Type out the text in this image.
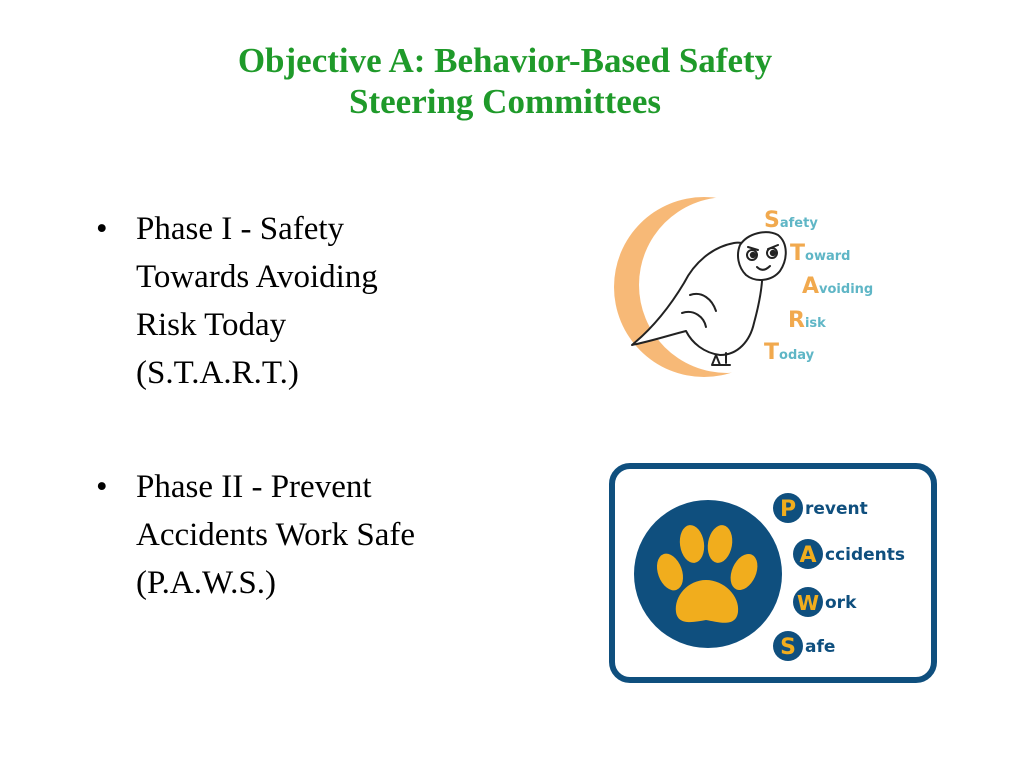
Objective A: Behavior-Based Safety
Steering Committees
• Phase I - Safety
Towards Avoiding
Risk Today
(S.T.A.R.T.)
• Phase II - Prevent
Accidents Work Safe
(P.A.W.S.)
Safety
Toward
Avoiding
Risk
Today
P revent
A ccidents
W ork
S afe
